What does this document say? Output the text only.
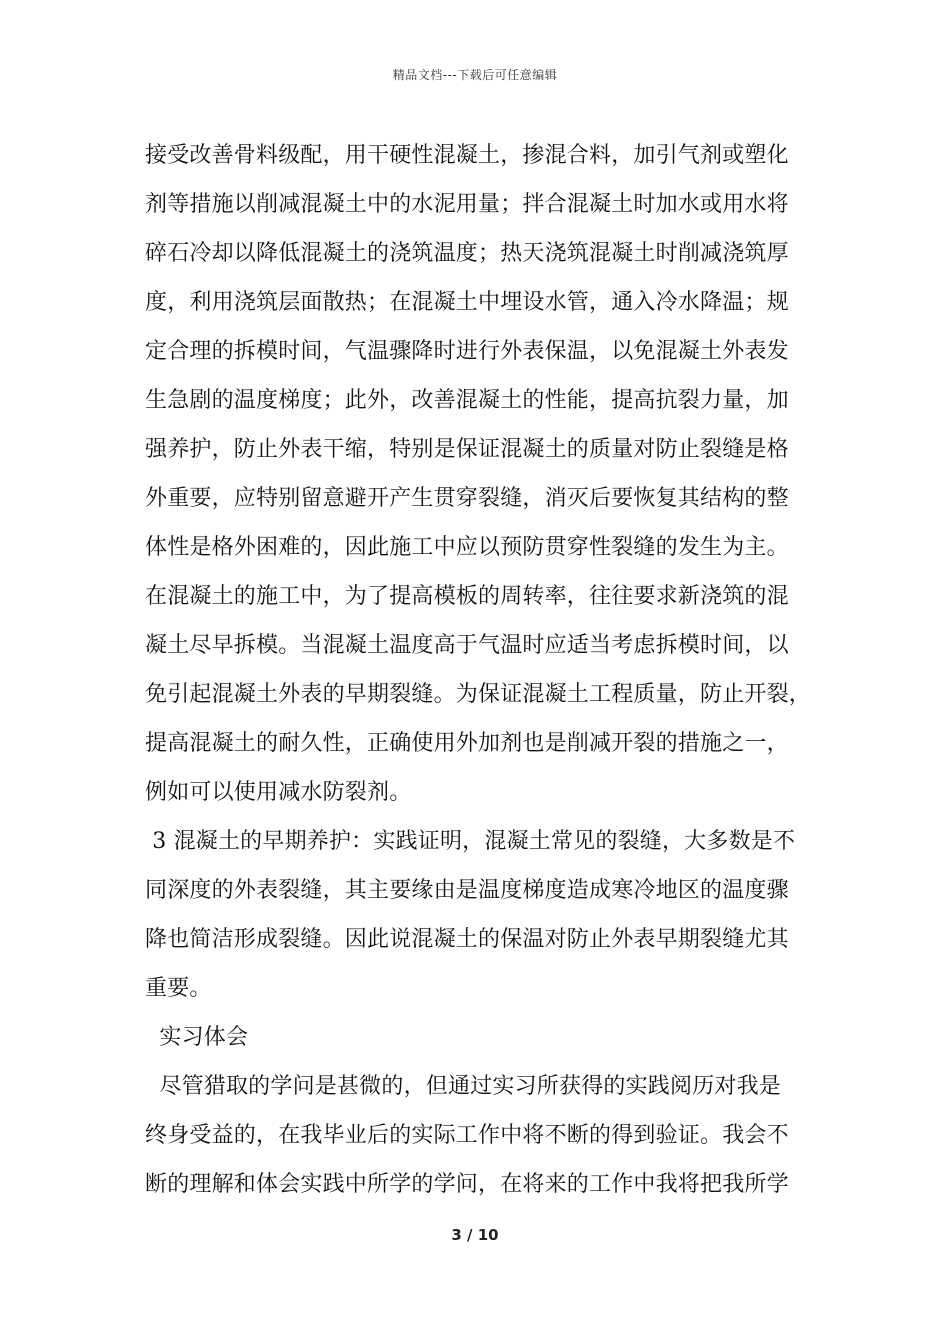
精品文档---下载后可任意编辑
接受改善骨料级配，用干硬性混凝土，掺混合料，加引气剂或塑化
剂等措施以削减混凝土中的水泥用量；拌合混凝土时加水或用水将
碎石冷却以降低混凝土的浇筑温度；热天浇筑混凝土时削减浇筑厚
度，利用浇筑层面散热；在混凝土中埋设水管，通入冷水降温；规
定合理的拆模时间，气温骤降时进行外表保温，以免混凝土外表发
生急剧的温度梯度；此外，改善混凝土的性能，提高抗裂力量，加
强养护，防止外表干缩，特别是保证混凝土的质量对防止裂缝是格
外重要，应特别留意避开产生贯穿裂缝，消灭后要恢复其结构的整
体性是格外困难的，因此施工中应以预防贯穿性裂缝的发生为主。
在混凝土的施工中，为了提高模板的周转率，往往要求新浇筑的混
凝土尽早拆模。当混凝土温度高于气温时应适当考虑拆模时间，以
免引起混凝土外表的早期裂缝。为保证混凝土工程质量，防止开裂，
提高混凝土的耐久性，正确使用外加剂也是削减开裂的措施之一，
例如可以使用减水防裂剂。
3 混凝土的早期养护：实践证明，混凝土常见的裂缝，大多数是不
同深度的外表裂缝，其主要缘由是温度梯度造成寒冷地区的温度骤
降也简洁形成裂缝。因此说混凝土的保温对防止外表早期裂缝尤其
重要。
实习体会
尽管猎取的学问是甚微的，但通过实习所获得的实践阅历对我是
终身受益的，在我毕业后的实际工作中将不断的得到验证。我会不
断的理解和体会实践中所学的学问，在将来的工作中我将把我所学
3 / 10
